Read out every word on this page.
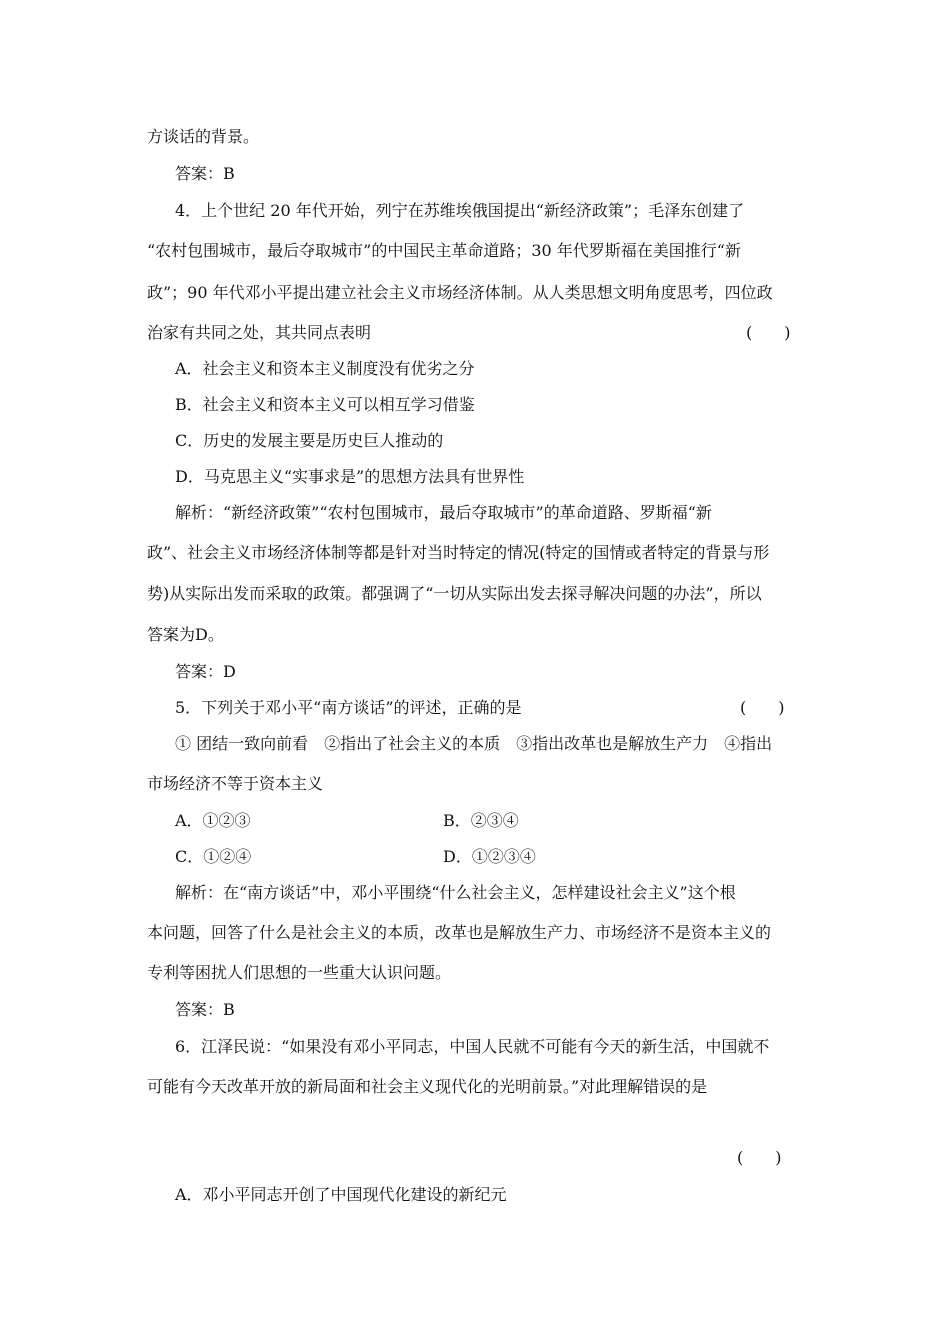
方谈话的背景。
答案：B
4．上个世纪 20 年代开始，列宁在苏维埃俄国提出“新经济政策”；毛泽东创建了
“农村包围城市，最后夺取城市”的中国民主革命道路；30 年代罗斯福在美国推行“新
政”；90 年代邓小平提出建立社会主义市场经济体制。从人类思想文明角度思考，四位政
治家有共同之处，其共同点表明	(　　)
A．社会主义和资本主义制度没有优劣之分
B．社会主义和资本主义可以相互学习借鉴
C．历史的发展主要是历史巨人推动的
D．马克思主义“实事求是”的思想方法具有世界性
解析：“新经济政策”“农村包围城市，最后夺取城市”的革命道路、罗斯福“新
政”、社会主义市场经济体制等都是针对当时特定的情况(特定的国情或者特定的背景与形
势)从实际出发而采取的政策。都强调了“一切从实际出发去探寻解决问题的办法”，所以
答案为D。
答案：D
5．下列关于邓小平“南方谈话”的评述，正确的是	(　　)
① 团结一致向前看　②指出了社会主义的本质　③指出改革也是解放生产力　④指出
市场经济不等于资本主义
A．①②③	B．②③④
C．①②④	D．①②③④
解析：在“南方谈话”中，邓小平围绕“什么社会主义，怎样建设社会主义”这个根
本问题，回答了什么是社会主义的本质，改革也是解放生产力、市场经济不是资本主义的
专利等困扰人们思想的一些重大认识问题。
答案：B
6．江泽民说：“如果没有邓小平同志，中国人民就不可能有今天的新生活，中国就不
可能有今天改革开放的新局面和社会主义现代化的光明前景。”对此理解错误的是
(　　)
A．邓小平同志开创了中国现代化建设的新纪元
